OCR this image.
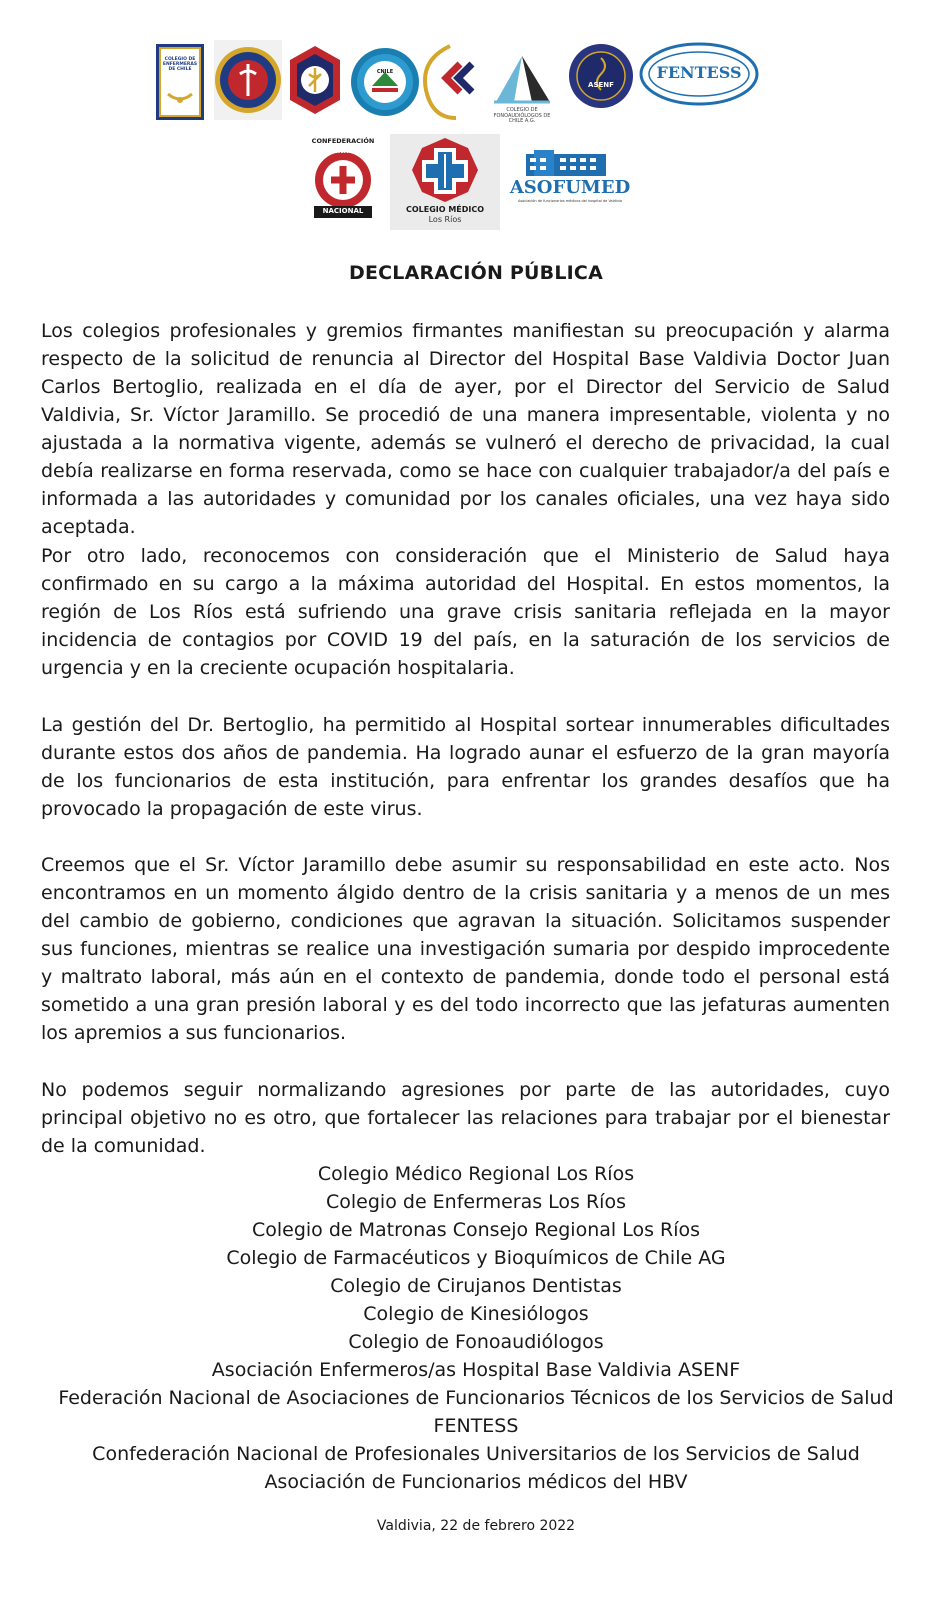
COLEGIO DE ENFERMERAS DE CHILE	CNILE
COLEGIO DE FONOAUDIÓLOGOS DE CHILE A.G.
ASENF
FENTESS
CONFEDERACIÓN
FENATS
NACIONAL	COLEGIO MÉDICO
Los Ríos
ASOFUMED
Asociación de funcionarios médicos del hospital de Valdivia
DECLARACIÓN PÚBLICA

Los colegios profesionales y gremios firmantes manifiestan su preocupación y alarma respecto de la solicitud de renuncia al Director del Hospital Base Valdivia Doctor Juan Carlos Bertoglio, realizada en el día de ayer, por el Director del Servicio de Salud Valdivia, Sr. Víctor Jaramillo. Se procedió de una manera impresentable, violenta y no ajustada a la normativa vigente, además se vulneró el derecho de privacidad, la cual debía realizarse en forma reservada, como se hace con cualquier trabajador/a del país e informada a las autoridades y comunidad por los canales oficiales, una vez haya sido aceptada.

Por otro lado, reconocemos con consideración que el Ministerio de Salud haya confirmado en su cargo a la máxima autoridad del Hospital. En estos momentos, la región de Los Ríos está sufriendo una grave crisis sanitaria reflejada en la mayor incidencia de contagios por COVID 19 del país, en la saturación de los servicios de urgencia y en la creciente ocupación hospitalaria.

La gestión del Dr. Bertoglio, ha permitido al Hospital sortear innumerables dificultades durante estos dos años de pandemia. Ha logrado aunar el esfuerzo de la gran mayoría de los funcionarios de esta institución, para enfrentar los grandes desafíos que ha provocado la propagación de este virus.

Creemos que el Sr. Víctor Jaramillo debe asumir su responsabilidad en este acto. Nos encontramos en un momento álgido dentro de la crisis sanitaria y a menos de un mes del cambio de gobierno, condiciones que agravan la situación. Solicitamos suspender sus funciones, mientras se realice una investigación sumaria por despido improcedente y maltrato laboral, más aún en el contexto de pandemia, donde todo el personal está sometido a una gran presión laboral y es del todo incorrecto que las jefaturas aumenten los apremios a sus funcionarios.

No podemos seguir normalizando agresiones por parte de las autoridades, cuyo principal objetivo no es otro, que fortalecer las relaciones para trabajar por el bienestar de la comunidad.

Colegio Médico Regional Los Ríos
Colegio de Enfermeras Los Ríos
Colegio de Matronas Consejo Regional Los Ríos
Colegio de Farmacéuticos y Bioquímicos de Chile AG
Colegio de Cirujanos Dentistas
Colegio de Kinesiólogos
Colegio de Fonoaudiólogos
Asociación Enfermeros/as Hospital Base Valdivia ASENF
Federación Nacional de Asociaciones de Funcionarios Técnicos de los Servicios de Salud
FENTESS
Confederación Nacional de Profesionales Universitarios de los Servicios de Salud
Asociación de Funcionarios médicos del HBV
Valdivia, 22 de febrero 2022
